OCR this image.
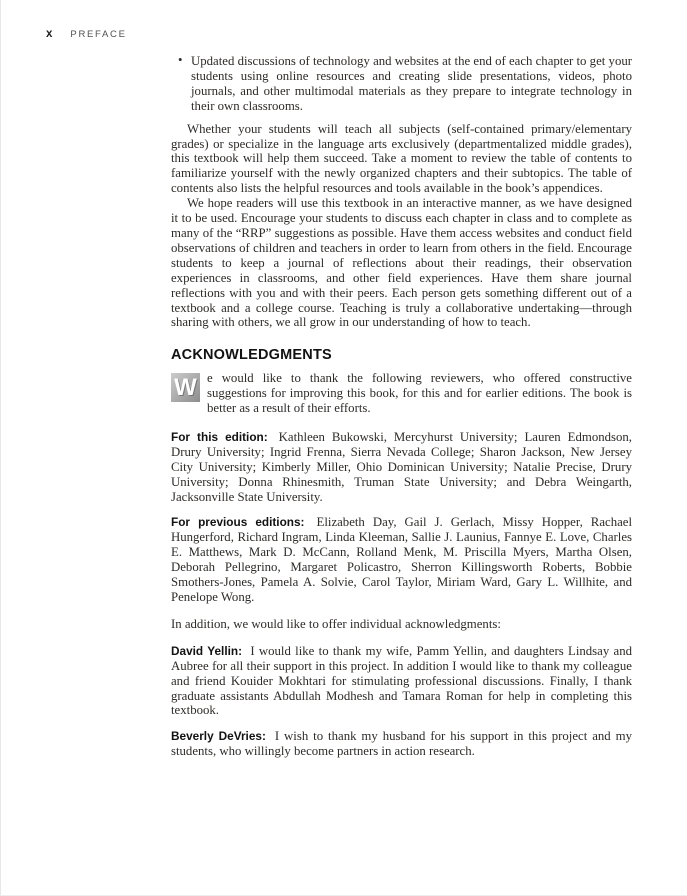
x PREFACE
• Updated discussions of technology and websites at the end of each chapter to get your students using online resources and creating slide presentations, videos, photo journals, and other multimodal materials as they prepare to integrate technology in their own classrooms.

Whether your students will teach all subjects (self-contained primary/elementary grades) or specialize in the language arts exclusively (departmentalized middle grades), this textbook will help them succeed. Take a moment to review the table of contents to familiarize yourself with the newly organized chapters and their subtopics. The table of contents also lists the helpful resources and tools available in the book’s appendices.

We hope readers will use this textbook in an interactive manner, as we have designed it to be used. Encourage your students to discuss each chapter in class and to complete as many of the “RRP” suggestions as possible. Have them access websites and conduct field observations of children and teachers in order to learn from others in the field. Encourage students to keep a journal of reflections about their readings, their observation experiences in classrooms, and other field experiences. Have them share journal reflections with you and with their peers. Each person gets something different out of a textbook and a college course. Teaching is truly a collaborative undertaking—through sharing with others, we all grow in our understanding of how to teach.

ACKNOWLEDGMENTS
W e would like to thank the following reviewers, who offered constructive suggestions for improving this book, for this and for earlier editions. The book is better as a result of their efforts.

For this edition: Kathleen Bukowski, Mercyhurst University; Lauren Edmondson, Drury University; Ingrid Frenna, Sierra Nevada College; Sharon Jackson, New Jersey City University; Kimberly Miller, Ohio Dominican University; Natalie Precise, Drury University; Donna Rhinesmith, Truman State University; and Debra Weingarth, Jacksonville State University.

For previous editions: Elizabeth Day, Gail J. Gerlach, Missy Hopper, Rachael Hungerford, Richard Ingram, Linda Kleeman, Sallie J. Launius, Fannye E. Love, Charles E. Matthews, Mark D. McCann, Rolland Menk, M. Priscilla Myers, Martha Olsen, Deborah Pellegrino, Margaret Policastro, Sherron Killingsworth Roberts, Bobbie Smothers-Jones, Pamela A. Solvie, Carol Taylor, Miriam Ward, Gary L. Willhite, and Penelope Wong.

In addition, we would like to offer individual acknowledgments:

David Yellin: I would like to thank my wife, Pamm Yellin, and daughters Lindsay and Aubree for all their support in this project. In addition I would like to thank my colleague and friend Kouider Mokhtari for stimulating professional discussions. Finally, I thank graduate assistants Abdullah Modhesh and Tamara Roman for help in completing this textbook.

Beverly DeVries: I wish to thank my husband for his support in this project and my students, who willingly become partners in action research.
